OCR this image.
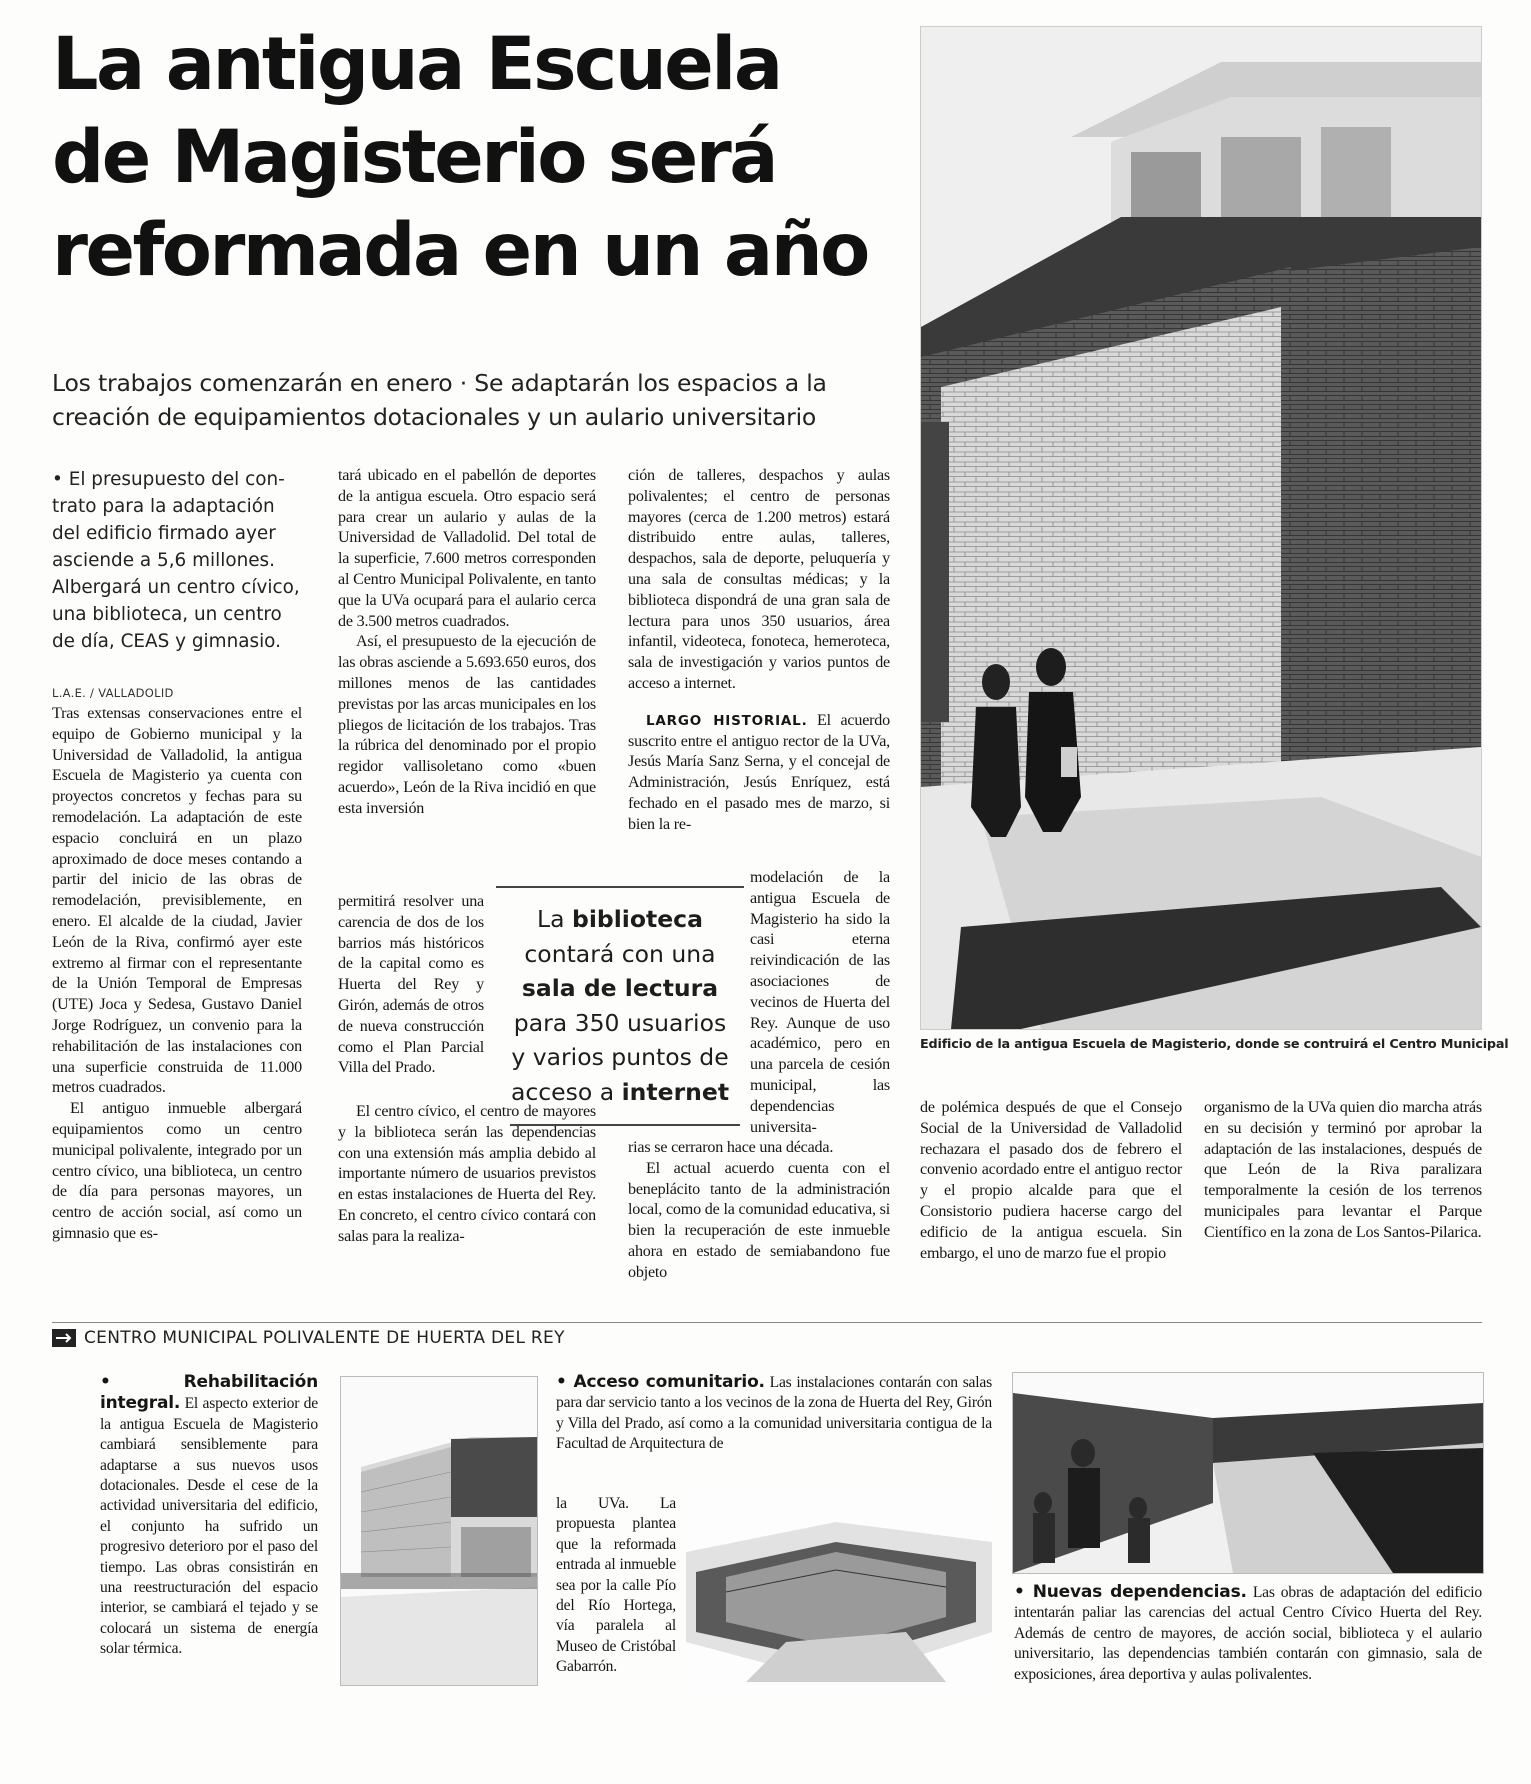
La antigua Escuela
de Magisterio será
reformada en un año
Los trabajos comenzarán en enero · Se adaptarán los espacios a la
creación de equipamientos dotacionales y un aulario universitario
• El presupuesto del con-
trato para la adaptación
del edificio firmado ayer
asciende a 5,6 millones.
Albergará un centro cívico,
una biblioteca, un centro
de día, CEAS y gimnasio.
L.A.E. / VALLADOLID

Tras extensas conservaciones entre el equipo de Gobierno municipal y la Universidad de Valladolid, la antigua Escuela de Magisterio ya cuenta con proyectos concretos y fechas para su remodelación. La adaptación de este espacio concluirá en un plazo aproximado de doce meses contando a partir del inicio de las obras de remodelación, previsiblemente, en enero. El alcalde de la ciudad, Javier León de la Riva, confirmó ayer este extremo al firmar con el representante de la Unión Temporal de Empresas (UTE) Joca y Sedesa, Gustavo Daniel Jorge Rodríguez, un convenio para la rehabilitación de las instalaciones con una superficie construida de 11.000 metros cuadrados.

El antiguo inmueble albergará equipamientos como un centro municipal polivalente, integrado por un centro cívico, una biblioteca, un centro de día para personas mayores, un centro de acción social, así como un gimnasio que es-

tará ubicado en el pabellón de deportes de la antigua escuela. Otro espacio será para crear un aulario y aulas de la Universidad de Valladolid. Del total de la superficie, 7.600 metros corresponden al Centro Municipal Polivalente, en tanto que la UVa ocupará para el aulario cerca de 3.500 metros cuadrados.

Así, el presupuesto de la ejecución de las obras asciende a 5.693.650 euros, dos millones menos de las cantidades previstas por las arcas municipales en los pliegos de licitación de los trabajos. Tras la rúbrica del denominado por el propio regidor vallisoletano como «buen acuerdo», León de la Riva incidió en que esta inversión

permitirá resolver una carencia de dos de los barrios más históricos de la capital como es Huerta del Rey y Girón, además de otros de nueva construcción como el Plan Parcial Villa del Prado.

El centro cívico, el centro de mayores y la biblioteca serán las dependencias con una extensión más amplia debido al importante número de usuarios previstos en estas instalaciones de Huerta del Rey. En concreto, el centro cívico contará con salas para la realiza-

ción de talleres, despachos y aulas polivalentes; el centro de personas mayores (cerca de 1.200 metros) estará distribuido entre aulas, talleres, despachos, sala de deporte, peluquería y una sala de consultas médicas; y la biblioteca dispondrá de una gran sala de lectura para unos 350 usuarios, área infantil, videoteca, fonoteca, hemeroteca, sala de investigación y varios puntos de acceso a internet.

LARGO HISTORIAL. El acuerdo suscrito entre el antiguo rector de la UVa, Jesús María Sanz Serna, y el concejal de Administración, Jesús Enríquez, está fechado en el pasado mes de marzo, si bien la re-

modelación de la antigua Escuela de Magisterio ha sido la casi eterna reivindicación de las asociaciones de vecinos de Huerta del Rey. Aunque de uso académico, pero en una parcela de cesión municipal, las dependencias universita-

rias se cerraron hace una década.

El actual acuerdo cuenta con el beneplácito tanto de la administración local, como de la comunidad educativa, si bien la recuperación de este inmueble ahora en estado de semiabandono fue objeto

La biblioteca
contará con una
sala de lectura
para 350 usuarios
y varios puntos de
acceso a internet
Edificio de la antigua Escuela de Magisterio, donde se contruirá el Centro Municipal

de polémica después de que el Consejo Social de la Universidad de Valladolid rechazara el pasado dos de febrero el convenio acordado entre el antiguo rector y el propio alcalde para que el Consistorio pudiera hacerse cargo del edificio de la antigua escuela. Sin embargo, el uno de marzo fue el propio

organismo de la UVa quien dio marcha atrás en su decisión y terminó por aprobar la adaptación de las instalaciones, después de que León de la Riva paralizara temporalmente la cesión de los terrenos municipales para levantar el Parque Científico en la zona de Los Santos-Pilarica.

CENTRO MUNICIPAL POLIVALENTE DE HUERTA DEL REY

• Rehabilitación integral. El aspecto exterior de la antigua Escuela de Magisterio cambiará sensiblemente para adaptarse a sus nuevos usos dotacionales. Desde el cese de la actividad universitaria del edificio, el conjunto ha sufrido un progresivo deterioro por el paso del tiempo. Las obras consistirán en una reestructuración del espacio interior, se cambiará el tejado y se colocará un sistema de energía solar térmica.

• Acceso comunitario. Las instalaciones contarán con salas para dar servicio tanto a los vecinos de la zona de Huerta del Rey, Girón y Villa del Prado, así como a la comunidad universitaria contigua de la Facultad de Arquitectura de

la UVa. La propuesta plantea que la reformada entrada al inmueble sea por la calle Pío del Río Hortega, vía paralela al Museo de Cristóbal Gabarrón.

• Nuevas dependencias. Las obras de adaptación del edificio intentarán paliar las carencias del actual Centro Cívico Huerta del Rey. Además de centro de mayores, de acción social, biblioteca y el aulario universitario, las dependencias también contarán con gimnasio, sala de exposiciones, área deportiva y aulas polivalentes.
